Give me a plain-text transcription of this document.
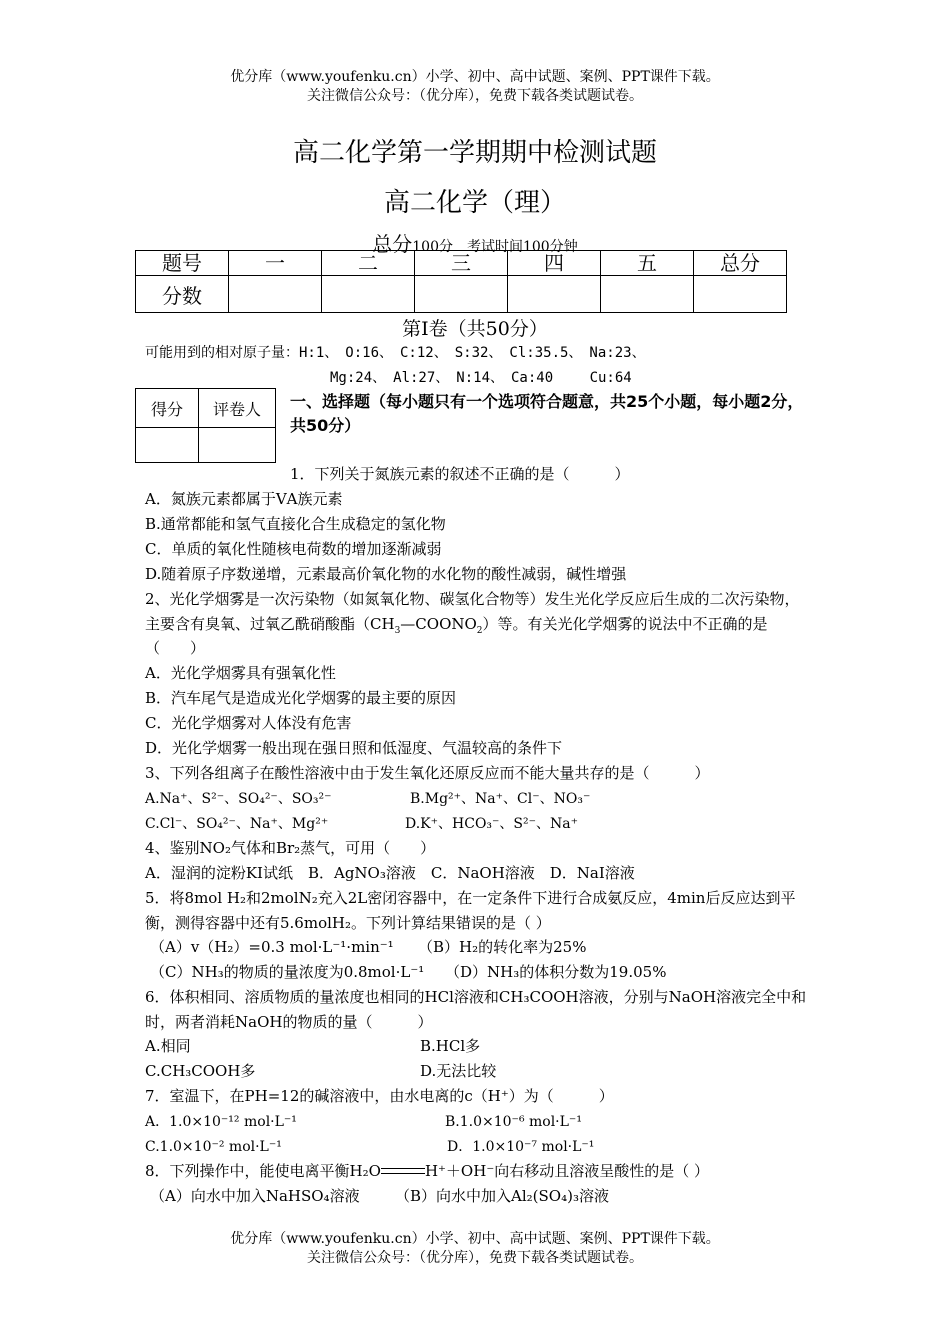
优分库（www.youfenku.cn）小学、初中、高中试题、案例、PPT课件下载。
关注微信公众号：（优分库），免费下载各类试题试卷。
高二化学第一学期期中检测试题
高二化学（理）
总分100分　考试时间100分钟
题号	一	二	三	四	五	总分
分数						
第Ⅰ卷（共50分）
可能用到的相对原子量：H:1、　O:16、　C:12、　S:32、　Cl:35.5、　Na:23、
Mg:24、　Al:27、　N:14、　Ca:40　　 Cu:64
得分	评卷人
	一、选择题（每小题只有一个选项符合题意，共25个小题，每小题2分，共50分）
1．下列关于氮族元素的叙述不正确的是（　　　）
A．氮族元素都属于ⅤA族元素
B.通常都能和氢气直接化合生成稳定的氢化物
C．单质的氧化性随核电荷数的增加逐渐减弱
D.随着原子序数递增，元素最高价氧化物的水化物的酸性减弱，碱性增强
2、光化学烟雾是一次污染物（如氮氧化物、碳氢化合物等）发生光化学反应后生成的二次污染物，主要含有臭氧、过氧乙酰硝酸酯$(CH_3—COONO_2)$等。有关光化学烟雾的说法中不正确的是（　　）
A．光化学烟雾具有强氧化性
B．汽车尾气是造成光化学烟雾的最主要的原因
C．光化学烟雾对人体没有危害
D．光化学烟雾一般出现在强日照和低湿度、气温较高的条件下
3、下列各组离子在酸性溶液中由于发生氧化还原反应而不能大量共存的是（　　　）
A.Na⁺、S²⁻、SO₄²⁻、SO₃²⁻	B.Mg²⁺、Na⁺、Cl⁻、NO₃⁻
C.Cl⁻、SO₄²⁻、Na⁺、Mg²⁺	D.K⁺、HCO₃⁻、S²⁻、Na⁺
4、鉴别NO₂气体和Br₂蒸气，可用（　　）
A．湿润的淀粉KI试纸　B．AgNO₃溶液　C．NaOH溶液　D．NaI溶液
5．将8mol H₂和2molN₂充入2L密闭容器中，在一定条件下进行合成氨反应，4min后反应达到平衡，测得容器中还有5.6molH₂。下列计算结果错误的是（ ）
（A）v（H₂）=0.3 mol·L⁻¹·min⁻¹ （B）H₂的转化率为25%
（C）NH₃的物质的量浓度为0.8mol·L⁻¹ （D）NH₃的体积分数为19.05%
6．体积相同、溶质物质的量浓度也相同的HCl溶液和CH₃COOH溶液，分别与NaOH溶液完全中和时，两者消耗NaOH的物质的量（　　　）
A.相同	B.HCl多
C.CH₃COOH多	D.无法比较
7．室温下，在PH=12的碱溶液中，由水电离的c（H⁺）为（　　　）
A．1.0×10⁻¹² mol·L⁻¹	B.1.0×10⁻⁶ mol·L⁻¹
C.1.0×10⁻² mol·L⁻¹	D．1.0×10⁻⁷ mol·L⁻¹
8．下列操作中，能使电离平衡H₂O	H⁺＋OH⁻向右移动且溶液呈酸性的是（ ）
（A）向水中加入NaHSO₄溶液 （B）向水中加入Al₂(SO₄)₃溶液
优分库（www.youfenku.cn）小学、初中、高中试题、案例、PPT课件下载。
关注微信公众号：（优分库），免费下载各类试题试卷。
